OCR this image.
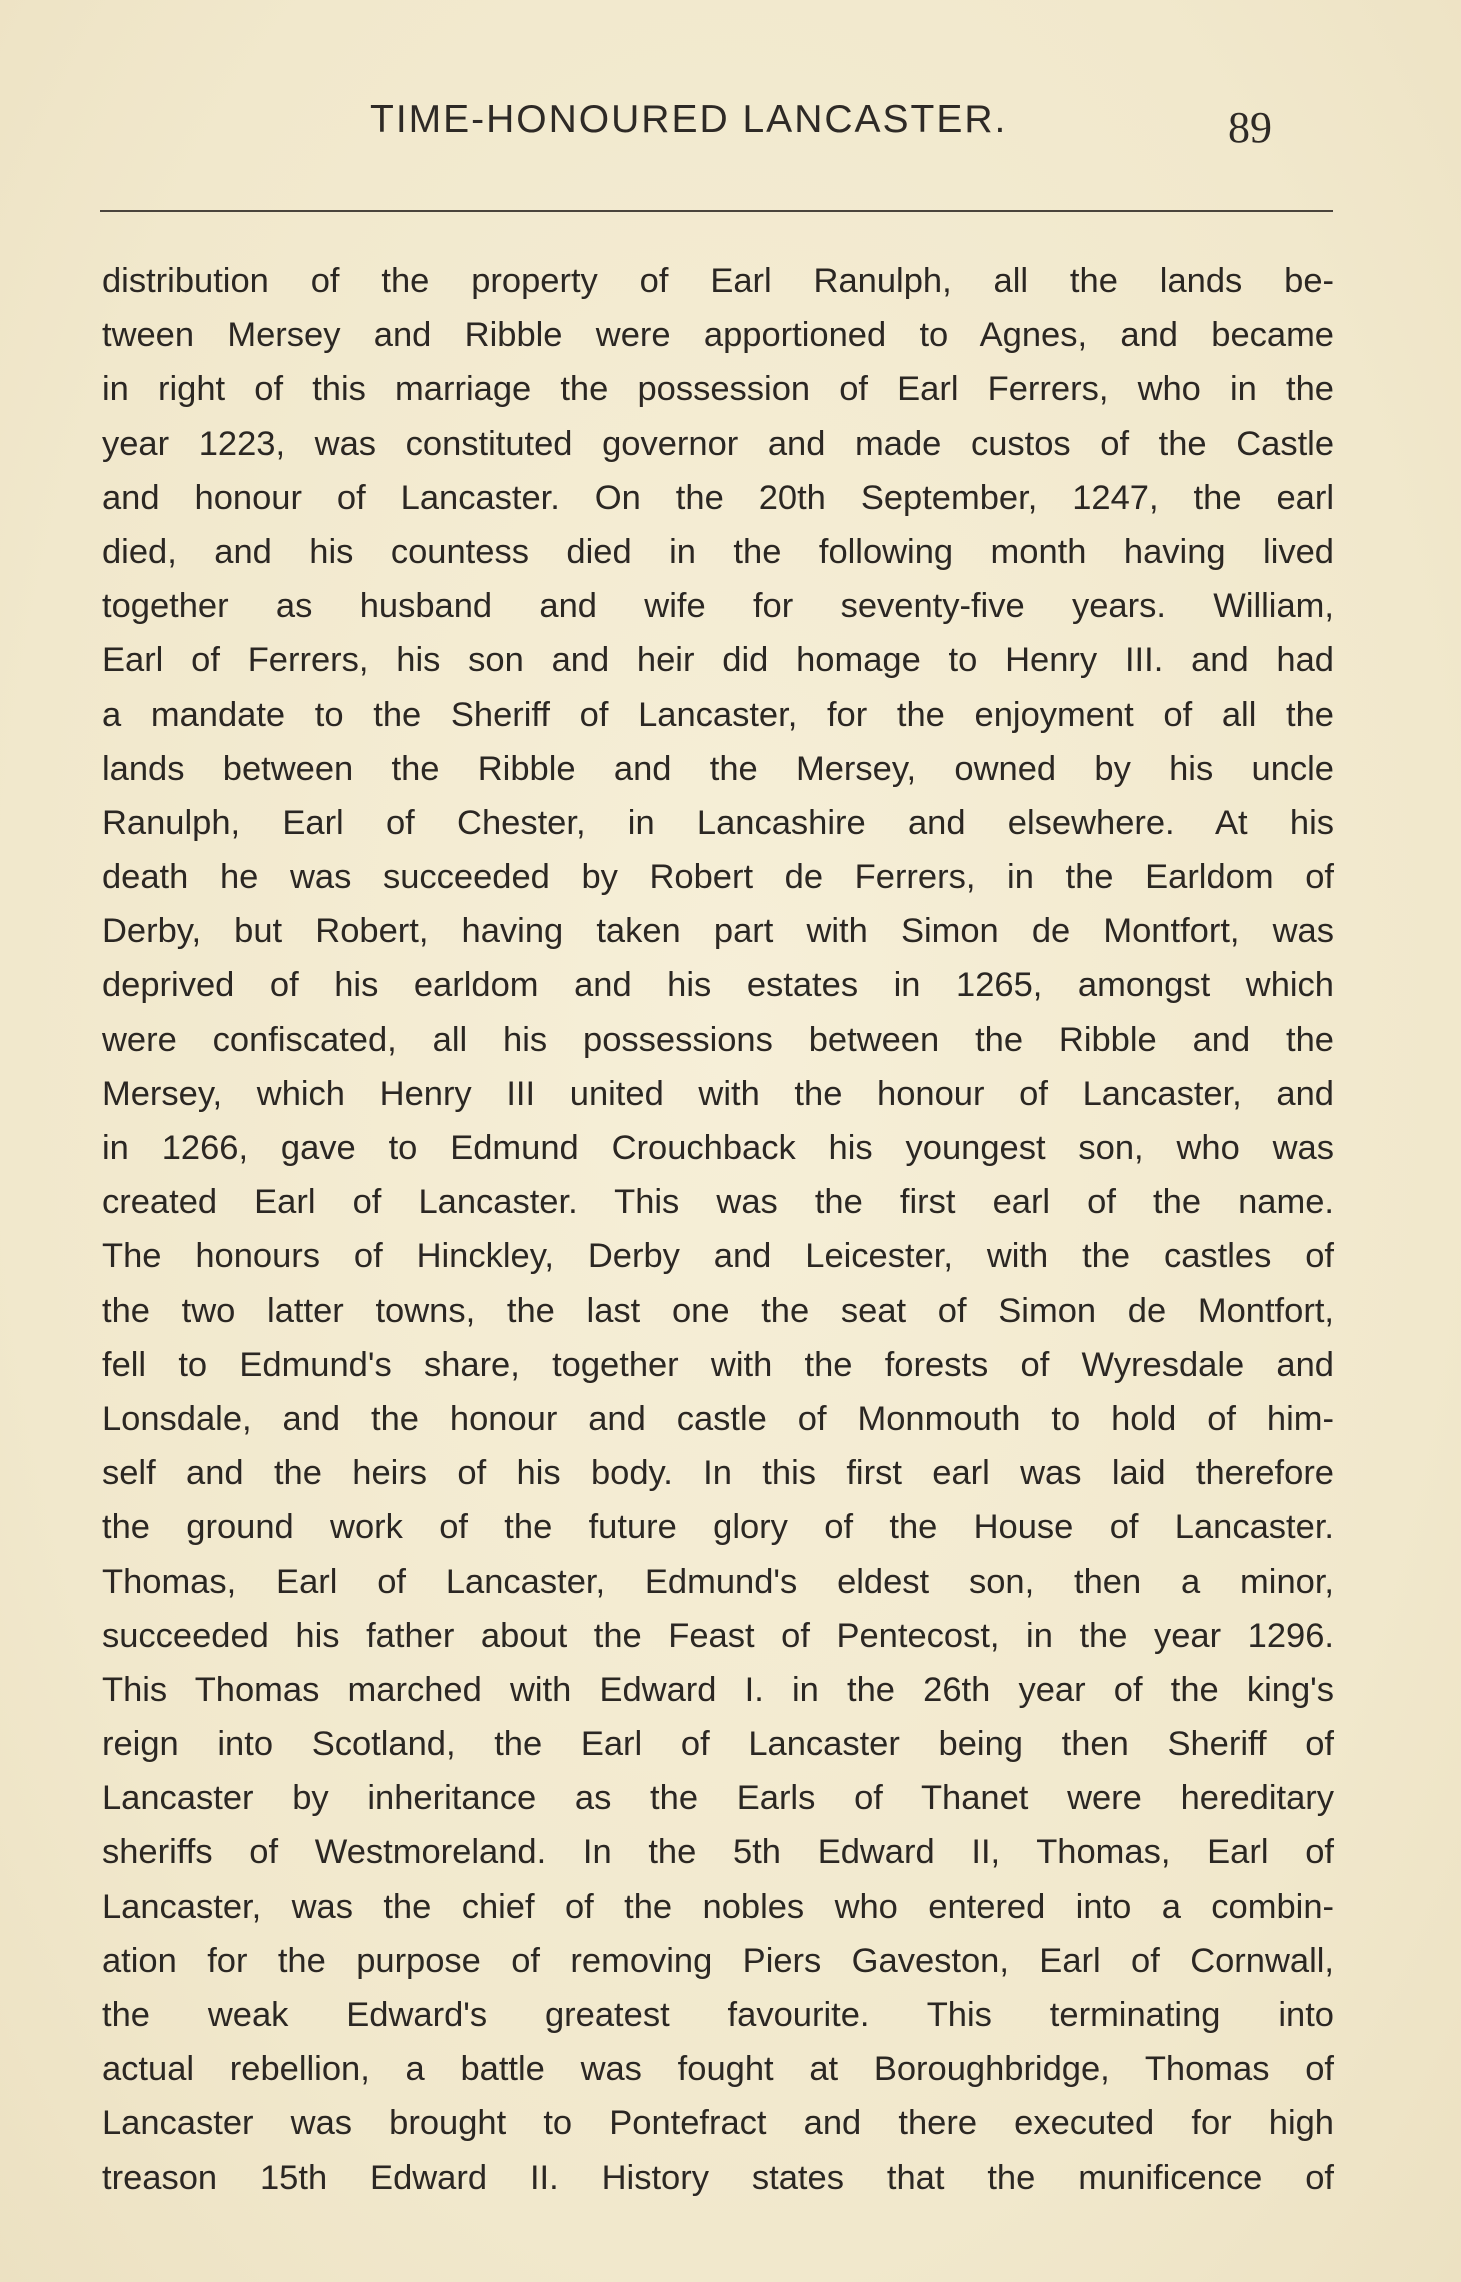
TIME-HONOURED LANCASTER.	89
distribution of the property of Earl Ranulph, all the lands be-
tween Mersey and Ribble were apportioned to Agnes, and became
in right of this marriage the possession of Earl Ferrers, who in the
year 1223, was constituted governor and made custos of the Castle
and honour of Lancaster. On the 20th September, 1247, the earl
died, and his countess died in the following month having lived
together as husband and wife for seventy-five years. William,
Earl of Ferrers, his son and heir did homage to Henry III. and had
a mandate to the Sheriff of Lancaster, for the enjoyment of all the
lands between the Ribble and the Mersey, owned by his uncle
Ranulph, Earl of Chester, in Lancashire and elsewhere. At his
death he was succeeded by Robert de Ferrers, in the Earldom of
Derby, but Robert, having taken part with Simon de Montfort, was
deprived of his earldom and his estates in 1265, amongst which
were confiscated, all his possessions between the Ribble and the
Mersey, which Henry III united with the honour of Lancaster, and
in 1266, gave to Edmund Crouchback his youngest son, who was
created Earl of Lancaster. This was the first earl of the name.
The honours of Hinckley, Derby and Leicester, with the castles of
the two latter towns, the last one the seat of Simon de Montfort,
fell to Edmund's share, together with the forests of Wyresdale and
Lonsdale, and the honour and castle of Monmouth to hold of him-
self and the heirs of his body. In this first earl was laid therefore
the ground work of the future glory of the House of Lancaster.
Thomas, Earl of Lancaster, Edmund's eldest son, then a minor,
succeeded his father about the Feast of Pentecost, in the year 1296.
This Thomas marched with Edward I. in the 26th year of the king's
reign into Scotland, the Earl of Lancaster being then Sheriff of
Lancaster by inheritance as the Earls of Thanet were hereditary
sheriffs of Westmoreland. In the 5th Edward II, Thomas, Earl of
Lancaster, was the chief of the nobles who entered into a combin-
ation for the purpose of removing Piers Gaveston, Earl of Cornwall,
the weak Edward's greatest favourite. This terminating into
actual rebellion, a battle was fought at Boroughbridge, Thomas of
Lancaster was brought to Pontefract and there executed for high
treason 15th Edward II. History states that the munificence of
